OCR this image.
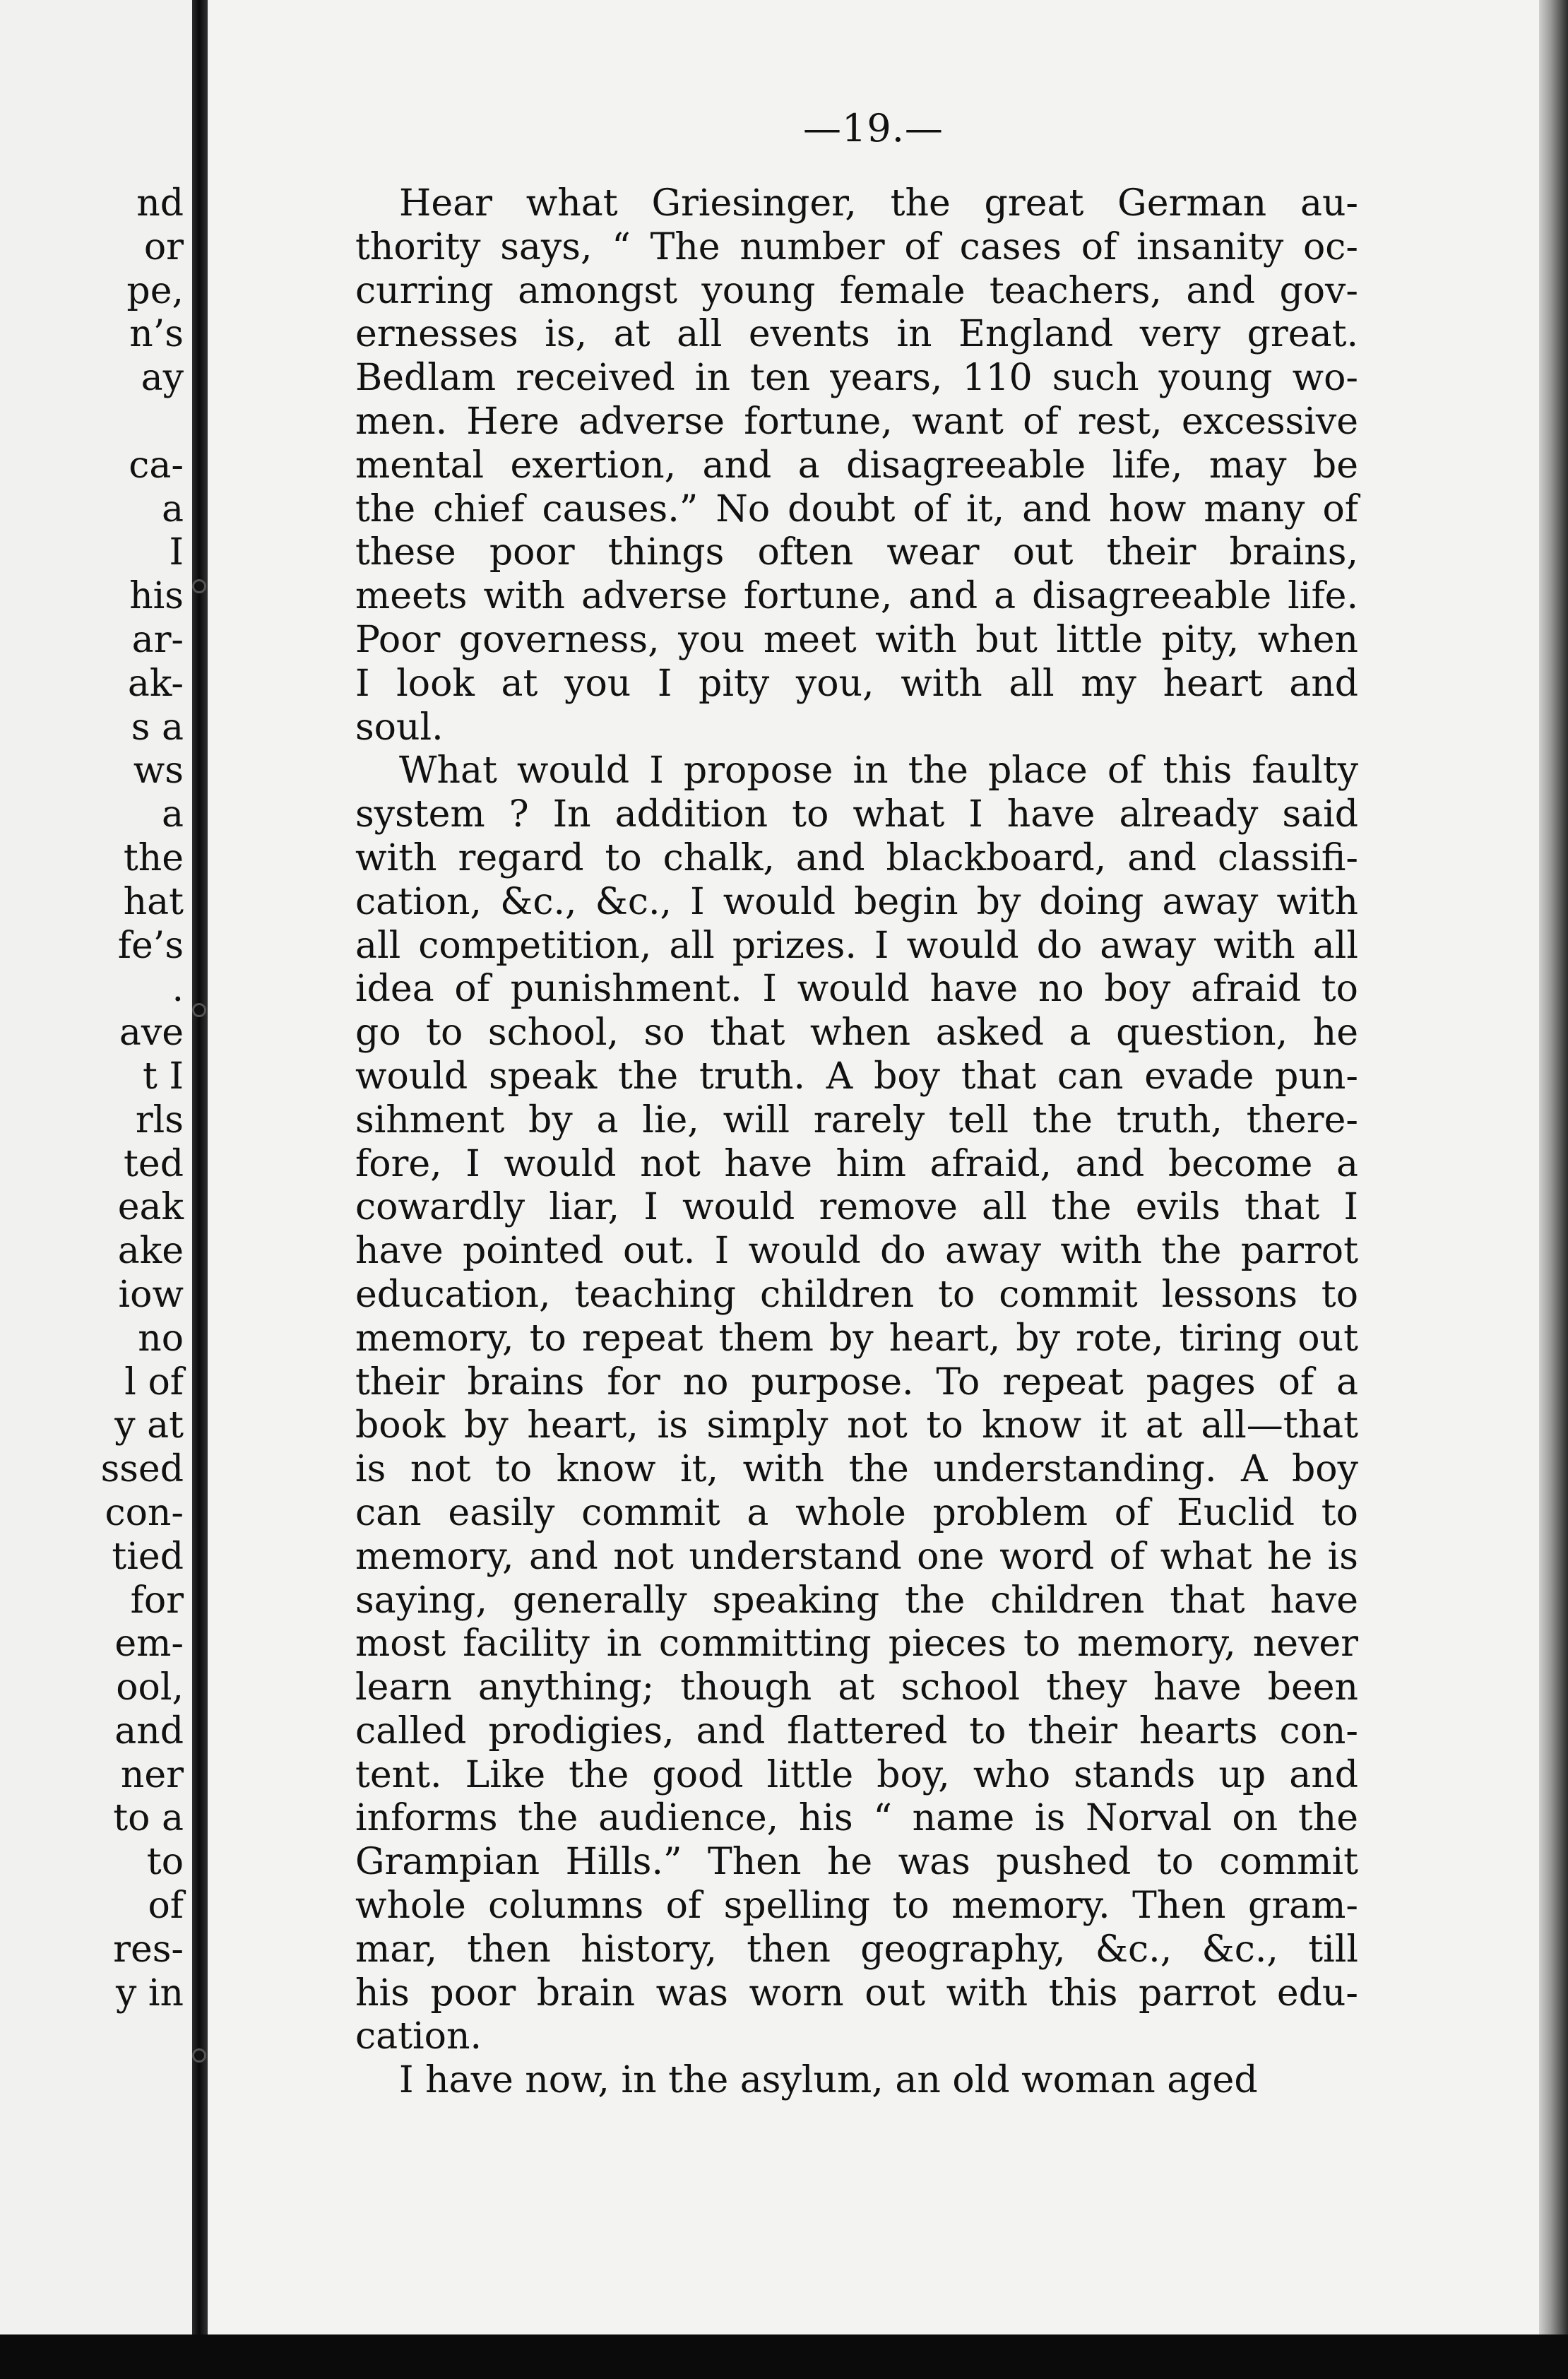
nd
or
pe,
n’s
ay

ca-
a
I
his
ar-
ak-
s a
ws
a
the
hat
fe’s
.
ave
t I
rls
ted
eak
ake
iow
no
l of
y at
ssed
con-
tied
for
em-
ool,
and
ner
to a
to
of
res-
y in
—19.—
Hear what Griesinger, the great German au-
thority says, “ The number of cases of insanity oc-
curring amongst young female teachers, and gov-
ernesses is, at all events in England very great.
Bedlam received in ten years, 110 such young wo-
men. Here adverse fortune, want of rest, excessive
mental exertion, and a disagreeable life, may be
the chief causes.” No doubt of it, and how many of
these poor things often wear out their brains,
meets with adverse fortune, and a disagreeable life.
Poor governess, you meet with but little pity, when
I look at you I pity you, with all my heart and
soul.
What would I propose in the place of this faulty
system ? In addition to what I have already said
with regard to chalk, and blackboard, and classifi-
cation, &c., &c., I would begin by doing away with
all competition, all prizes. I would do away with all
idea of punishment. I would have no boy afraid to
go to school, so that when asked a question, he
would speak the truth. A boy that can evade pun-
sihment by a lie, will rarely tell the truth, there-
fore, I would not have him afraid, and become a
cowardly liar, I would remove all the evils that I
have pointed out. I would do away with the parrot
education, teaching children to commit lessons to
memory, to repeat them by heart, by rote, tiring out
their brains for no purpose. To repeat pages of a
book by heart, is simply not to know it at all—that
is not to know it, with the understanding. A boy
can easily commit a whole problem of Euclid to
memory, and not understand one word of what he is
saying, generally speaking the children that have
most facility in committing pieces to memory, never
learn anything; though at school they have been
called prodigies, and flattered to their hearts con-
tent. Like the good little boy, who stands up and
informs the audience, his “ name is Norval on the
Grampian Hills.” Then he was pushed to commit
whole columns of spelling to memory. Then gram-
mar, then history, then geography, &c., &c., till
his poor brain was worn out with this parrot edu-
cation.
I have now, in the asylum, an old woman aged
